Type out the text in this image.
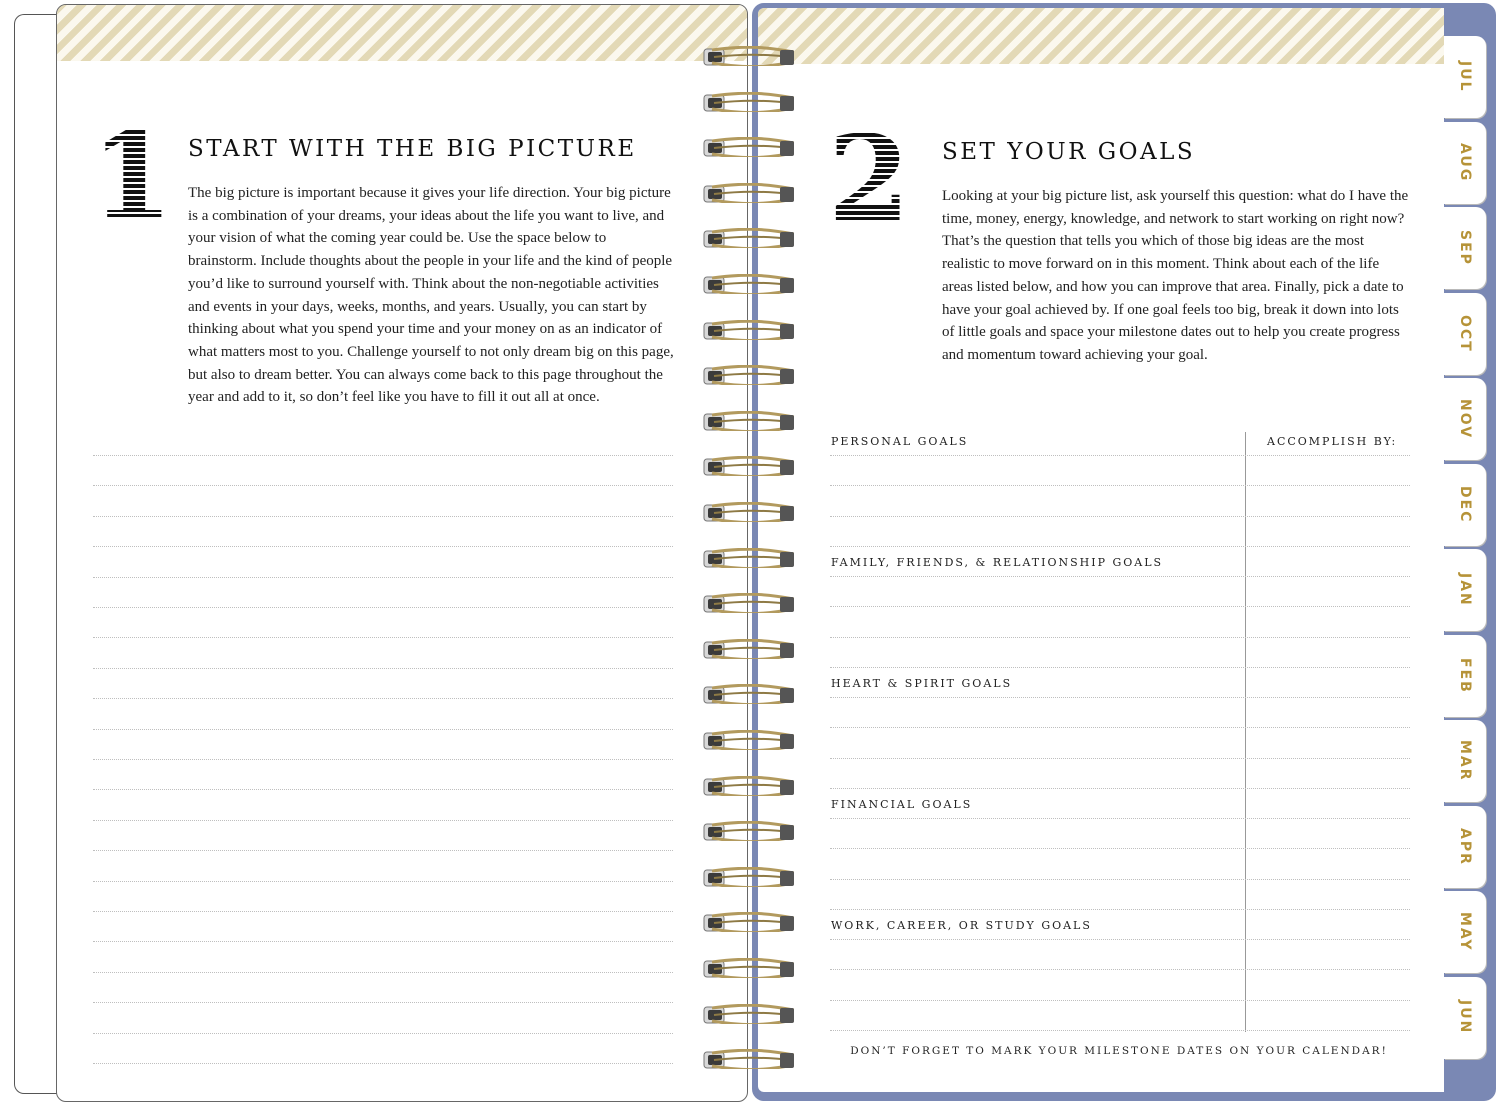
1 START WITH THE BIG PICTURE
The big picture is important because it gives your life direction. Your big picture is a combination of your dreams, your ideas about the life you want to live, and your vision of what the coming year could be. Use the space below to brainstorm. Include thoughts about the people in your life and the kind of people you’d like to surround yourself with. Think about the non-negotiable activities and events in your days, weeks, months, and years. Usually, you can start by thinking about what you spend your time and your money on as an indicator of what matters most to you. Challenge yourself to not only dream big on this page, but also to dream better. You can always come back to this page throughout the year and add to it, so don’t feel like you have to fill it out all at once.
JUL
AUG
SEP
OCT
NOV
DEC
JAN
FEB
MAR
APR
MAY
JUN
2 SET YOUR GOALS
Looking at your big picture list, ask yourself this question: what do I have the time, money, energy, knowledge, and network to start working on right now? That’s the question that tells you which of those big ideas are the most realistic to move forward on in this moment. Think about each of the life areas listed below, and how you can improve that area. Finally, pick a date to have your goal achieved by. If one goal feels too big, break it down into lots of little goals and space your milestone dates out to help you create progress and momentum toward achieving your goal.
ACCOMPLISH BY:
PERSONAL GOALS
FAMILY, FRIENDS, & RELATIONSHIP GOALS
HEART & SPIRIT GOALS
FINANCIAL GOALS
WORK, CAREER, OR STUDY GOALS
DON’T FORGET TO MARK YOUR MILESTONE DATES ON YOUR CALENDAR!
